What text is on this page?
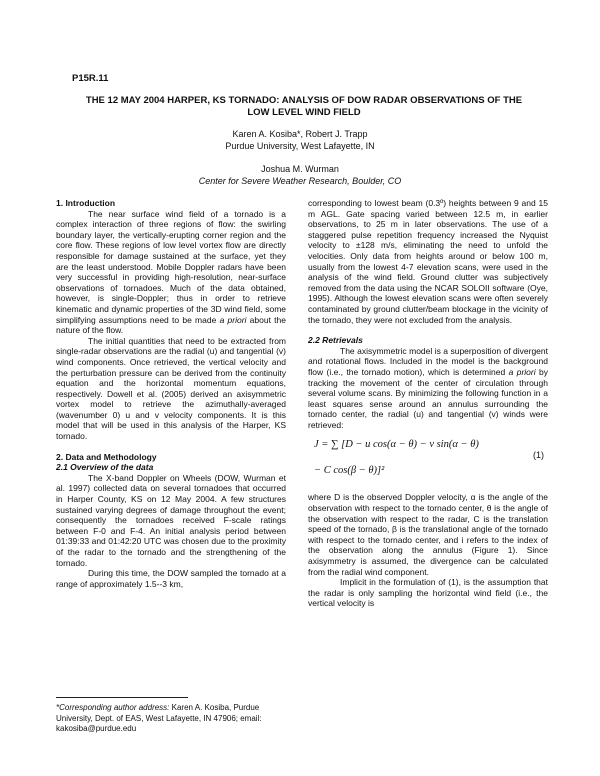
P15R.11
THE 12 MAY 2004 HARPER, KS TORNADO: ANALYSIS OF DOW RADAR OBSERVATIONS OF THE LOW LEVEL WIND FIELD
Karen A. Kosiba*, Robert J. Trapp
Purdue University, West Lafayette, IN
Joshua M. Wurman
Center for Severe Weather Research, Boulder, CO
1. Introduction

The near surface wind field of a tornado is a complex interaction of three regions of flow: the swirling boundary layer, the vertically-erupting corner region and the core flow. These regions of low level vortex flow are directly responsible for damage sustained at the surface, yet they are the least understood. Mobile Doppler radars have been very successful in providing high-resolution, near-surface observations of tornadoes. Much of the data obtained, however, is single-Doppler; thus in order to retrieve kinematic and dynamic properties of the 3D wind field, some simplifying assumptions need to be made a priori about the nature of the flow.

The initial quantities that need to be extracted from single-radar observations are the radial (u) and tangential (v) wind components. Once retrieved, the vertical velocity and the perturbation pressure can be derived from the continuity equation and the horizontal momentum equations, respectively. Dowell et al. (2005) derived an axisymmetric vortex model to retrieve the azimuthally-averaged (wavenumber 0) u and v velocity components. It is this model that will be used in this analysis of the Harper, KS tornado.

2. Data and Methodology
2.1 Overview of the data

The X-band Doppler on Wheels (DOW, Wurman et al. 1997) collected data on several tornadoes that occurred in Harper County, KS on 12 May 2004. A few structures sustained varying degrees of damage throughout the event; consequently the tornadoes received F-scale ratings between F-0 and F-4. An initial analysis period between 01:39:33 and 01:42:20 UTC was chosen due to the proximity of the radar to the tornado and the strengthening of the tornado.

During this time, the DOW sampled the tornado at a range of approximately 1.5--3 km,

corresponding to lowest beam (0.3º) heights between 9 and 15 m AGL. Gate spacing varied between 12.5 m, in earlier observations, to 25 m in later observations. The use of a staggered pulse repetition frequency increased the Nyquist velocity to ±128 m/s, eliminating the need to unfold the velocities. Only data from heights around or below 100 m, usually from the lowest 4-7 elevation scans, were used in the analysis of the wind field. Ground clutter was subjectively removed from the data using the NCAR SOLOII software (Oye, 1995). Although the lowest elevation scans were often severely contaminated by ground clutter/beam blockage in the vicinity of the tornado, they were not excluded from the analysis.

2.2 Retrievals

The axisymmetric model is a superposition of divergent and rotational flows. Included in the model is the background flow (i.e., the tornado motion), which is determined a priori by tracking the movement of the center of circulation through several volume scans. By minimizing the following function in a least squares sense around an annulus surrounding the tornado center, the radial (u) and tangential (v) winds were retrieved:

J = ∑ [D − u cos(α − θ) − v sin(α − θ)
− C cos(β − θ)]²
(1)

where D is the observed Doppler velocity, α is the angle of the observation with respect to the tornado center, θ is the angle of the observation with respect to the radar, C is the translation speed of the tornado, β is the translational angle of the tornado with respect to the tornado center, and i refers to the index of the observation along the annulus (Figure 1). Since axisymmetry is assumed, the divergence can be calculated from the radial wind component.

Implicit in the formulation of (1), is the assumption that the radar is only sampling the horizontal wind field (i.e., the vertical velocity is

*Corresponding author address: Karen A. Kosiba, Purdue University, Dept. of EAS, West Lafayette, IN 47906; email: kakosiba@purdue.edu
